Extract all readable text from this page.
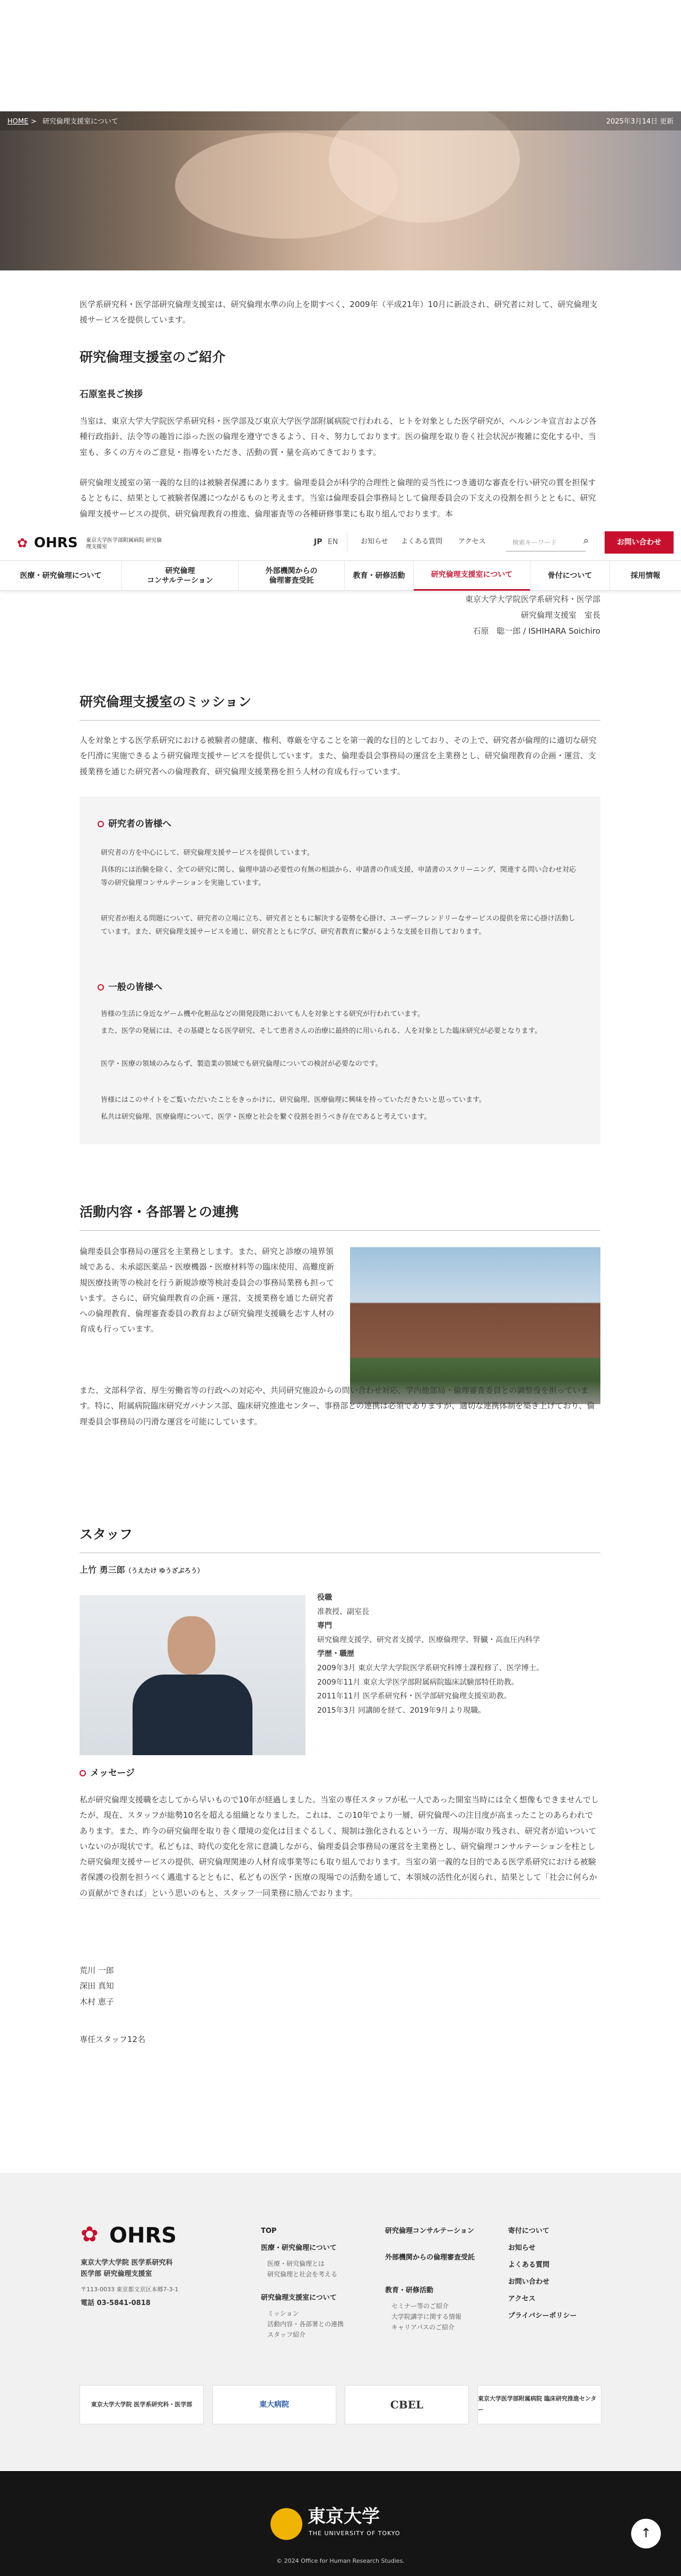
HOME > 研究倫理支援室について	2025年3月14日 更新

医学系研究科・医学部研究倫理支援室は、研究倫理水準の向上を期すべく、2009年（平成21年）10月に新設され、研究者に対して、研究倫理支援サービスを提供しています。

研究倫理支援室のご紹介
石原室長ご挨拶

当室は、東京大学大学院医学系研究科・医学部及び東京大学医学部附属病院で行われる、ヒトを対象とした医学研究が、ヘルシンキ宣言および各種行政指針、法令等の趣旨に添った医の倫理を遵守できるよう、日々、努力しております。医の倫理を取り巻く社会状況が複雑に変化する中、当室も、多くの方々のご意見・指導をいただき、活動の質・量を高めてきております。

研究倫理支援室の第一義的な目的は被験者保護にあります。倫理委員会が科学的合理性と倫理的妥当性につき適切な審査を行い研究の質を担保するとともに、結果として被験者保護につながるものと考えます。当室は倫理委員会事務局として倫理委員会の下支えの役割を担うとともに、研究倫理支援サービスの提供、研究倫理教育の推進、倫理審査等の各種研修事業にも取り組んでおります。本

✿ OHRS 東京大学医学部附属病院 研究倫理支援室
JP EN	お知らせ よくある質問 アクセス	検索キーワード	⌕	お問い合わせ
医療・研究倫理について
研究倫理
コンサルテーション
外部機関からの
倫理審査受託
教育・研修活動	研究倫理支援室について	骨付について	採用情報

東京大学大学院医学系研究科・医学部

研究倫理支援室　室長

石原　聡一郎 / ISHIHARA Soichiro

研究倫理支援室のミッション

人を対象とする医学系研究における被験者の健康、権利、尊厳を守ることを第一義的な目的としており、その上で、研究者が倫理的に適切な研究を円滑に実施できるよう研究倫理支援サービスを提供しています。また、倫理委員会事務局の運営を主業務とし、研究倫理教育の企画・運営、支援業務を通じた研究者への倫理教育、研究倫理支援業務を担う人材の育成も行っています。

研究者の皆様へ

研究者の方を中心にして、研究倫理支援サービスを提供しています。

具体的には治験を除く、全ての研究に関し、倫理申請の必要性の有無の相談から、申請書の作成支援、申請書のスクリーニング、関連する問い合わせ対応等の研究倫理コンサルテーションを実施しています。

研究者が抱える問題について、研究者の立場に立ち、研究者とともに解決する姿勢を心掛け、ユーザーフレンドリーなサービスの提供を常に心掛け活動しています。また、研究倫理支援サービスを通じ、研究者とともに学び、研究者教育に繋がるような支援を目指しております。

一般の皆様へ

皆様の生活に身近なゲーム機や化粧品などの開発段階においても人を対象とする研究が行われています。

また、医学の発展には、その基礎となる医学研究、そして患者さんの治療に最終的に用いられる、人を対象とした臨床研究が必要となります。

医学・医療の領域のみならず、製造業の領域でも研究倫理についての検討が必要なのです。

皆様にはこのサイトをご覧いただいたことをきっかけに、研究倫理、医療倫理に興味を持っていただきたいと思っています。

私共は研究倫理、医療倫理について、医学・医療と社会を繋ぐ役割を担うべき存在であると考えています。

活動内容・各部署との連携

倫理委員会事務局の運営を主業務とします。また、研究と診療の境界領域である、未承認医薬品・医療機器・医療材料等の臨床使用、高難度新規医療技術等の検討を行う新規診療等検討委員会の事務局業務も担っています。さらに、研究倫理教育の企画・運営、支援業務を通じた研究者への倫理教育、倫理審査委員の教育および研究倫理支援職を志す人材の育成も行っています。

また、文部科学省、厚生労働省等の行政への対応や、共同研究施設からの問い合わせ対応、学内他部局・倫理審査委員との調整役を担っています。特に、附属病院臨床研究ガバナンス部、臨床研究推進センター、事務部との連携は必須でありますが、適切な連携体制を築き上げており、倫理委員会事務局の円滑な運営を可能にしています。

スタッフ
上竹 勇三郎（うえたけ ゆうざぶろう）
役職
准教授、副室長
専門
研究倫理支援学、研究者支援学、医療倫理学、腎臓・高血圧内科学
学歴・職歴
2009年3月 東京大学大学院医学系研究科博士課程修了、医学博士。
2009年11月 東京大学医学部附属病院臨床試験部特任助教。
2011年11月 医学系研究科・医学部研究倫理支援室助教。
2015年3月 同講師を経て、2019年9月より現職。
メッセージ

私が研究倫理支援職を志してから早いもので10年が経過しました。当室の専任スタッフが私一人であった開室当時には全く想像もできませんでしたが、現在、スタッフが総勢10名を超える組織となりました。これは、この10年でより一層、研究倫理への注目度が高まったことのあらわれであります。また、昨今の研究倫理を取り巻く環境の変化は目まぐるしく、規制は強化されるという一方、現場が取り残され、研究者が追いついていないのが現状です。私どもは、時代の変化を常に意識しながら、倫理委員会事務局の運営を主業務とし、研究倫理コンサルテーションを柱とした研究倫理支援サービスの提供、研究倫理関連の人材育成事業等にも取り組んでおります。当室の第一義的な目的である医学系研究における被験者保護の役割を担うべく邁進するとともに、私どもの医学・医療の現場での活動を通して、本領域の活性化が図られ、結果として「社会に何らかの貢献ができれば」という思いのもと、スタッフ一同業務に励んでおります。

荒川 一郎
深田 真知
木村 恵子

専任スタッフ12名

✿ OHRS
東京大学大学院 医学系研究科
医学部 研究倫理支援室
〒113-0033 東京都文京区本郷7-3-1
電話 03-5841-0818
TOP
医療・研究倫理について
医療・研究倫理とは
研究倫理と社会を考える
研究倫理支援室について
ミッション
活動内容・各部署との連携
スタッフ紹介
研究倫理コンサルテーション
外部機関からの倫理審査受託
教育・研修活動
セミナー等のご紹介
大学院講学に関する情報
キャリアパスのご紹介
寄付について
お知らせ
よくある質問
お問い合わせ
アクセス
プライバシーポリシー
東京大学大学院 医学系研究科・医学部	東大病院	CBEL	東京大学医学部附属病院 臨床研究推進センター
東京大学
THE UNIVERSITY OF TOKYO
© 2024 Office for Human Research Studies.
↑
